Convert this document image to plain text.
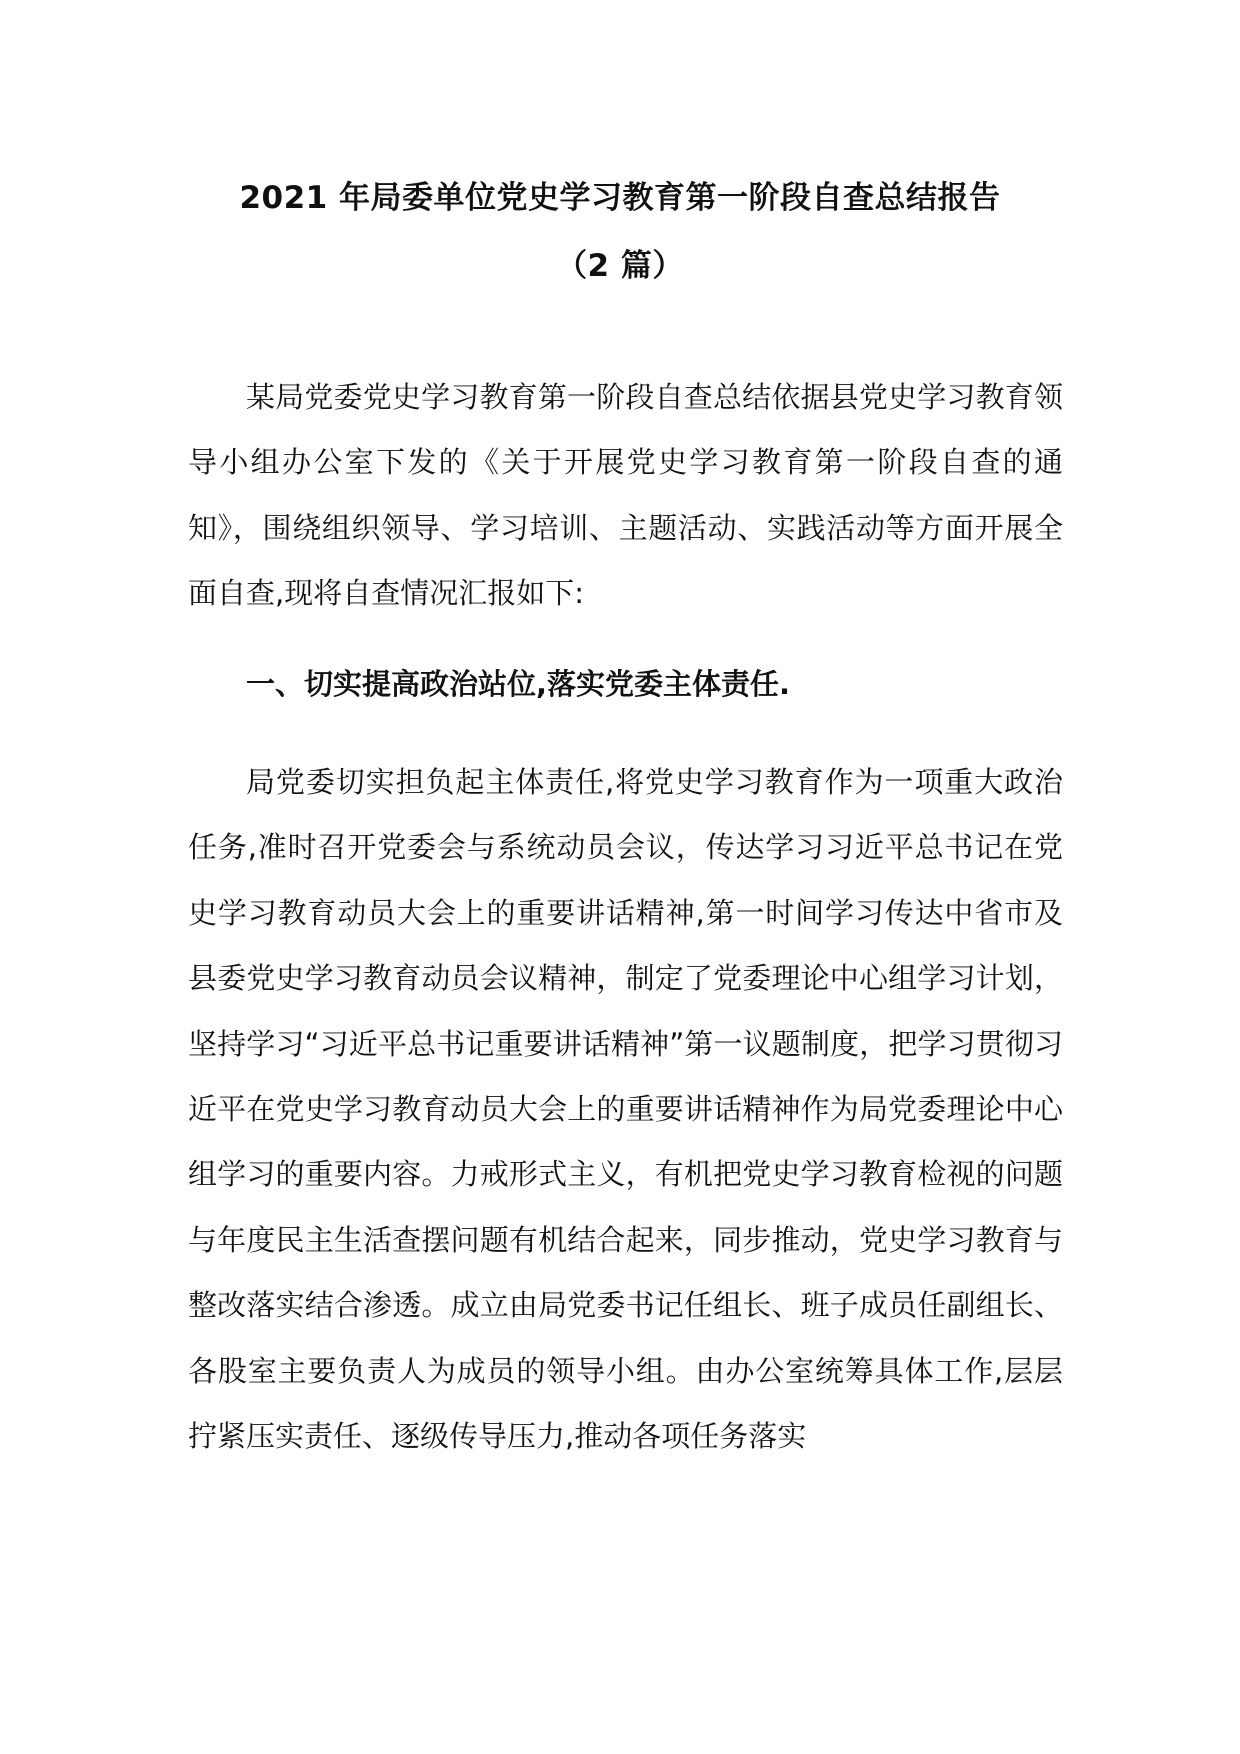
2021 年局委单位党史学习教育第一阶段自查总结报告
（2 篇）

某局党委党史学习教育第一阶段自查总结依据县党史学习教育领导小组办公室下发的《关于开展党史学习教育第一阶段自查的通知》，围绕组织领导、学习培训、主题活动、实践活动等方面开展全面自查,现将自查情况汇报如下:

一、切实提高政治站位,落实党委主体责任.

局党委切实担负起主体责任,将党史学习教育作为一项重大政治任务,准时召开党委会与系统动员会议，传达学习习近平总书记在党史学习教育动员大会上的重要讲话精神,第一时间学习传达中省市及县委党史学习教育动员会议精神，制定了党委理论中心组学习计划，坚持学习“习近平总书记重要讲话精神”第一议题制度，把学习贯彻习近平在党史学习教育动员大会上的重要讲话精神作为局党委理论中心组学习的重要内容。力戒形式主义，有机把党史学习教育检视的问题与年度民主生活查摆问题有机结合起来，同步推动，党史学习教育与整改落实结合渗透。成立由局党委书记任组长、班子成员任副组长、各股室主要负责人为成员的领导小组。由办公室统筹具体工作,层层拧紧压实责任、逐级传导压力,推动各项任务落实
